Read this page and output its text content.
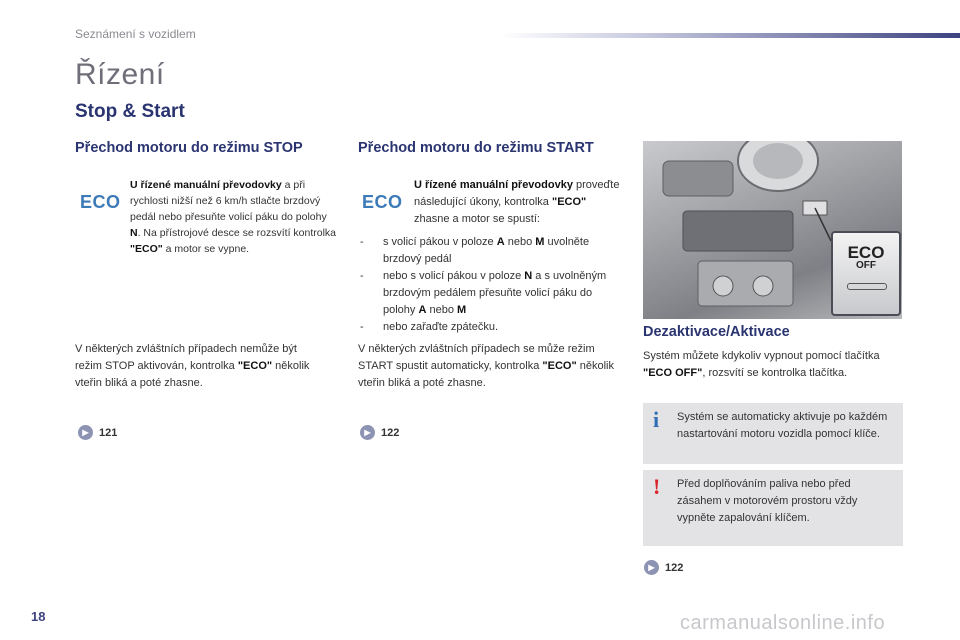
Seznámení s vozidlem
Řízení
Stop & Start
Přechod motoru do režimu STOP
ECO
U řízené manuální převodovky a při rychlosti nižší než 6 km/h stlačte brzdový pedál nebo přesuňte volicí páku do polohy N. Na přístrojové desce se rozsvítí kontrolka "ECO" a motor se vypne.
V některých zvláštních případech nemůže být režim STOP aktivován, kontrolka "ECO" několik vteřin bliká a poté zhasne.
▶ 121
Přechod motoru do režimu START
ECO
U řízené manuální převodovky proveďte následující úkony, kontrolka "ECO" zhasne a motor se spustí:
- s volicí pákou v poloze A nebo M uvolněte brzdový pedál
- nebo s volicí pákou v poloze N a s uvolněným brzdovým pedálem přesuňte volicí páku do polohy A nebo M
- nebo zařaďte zpátečku.
V některých zvláštních případech se může režim START spustit automaticky, kontrolka "ECO" několik vteřin bliká a poté zhasne.
▶ 122
ECO
OFF
Dezaktivace/Aktivace
Systém můžete kdykoliv vypnout pomocí tlačítka "ECO OFF", rozsvítí se kontrolka tlačítka.
i Systém se automaticky aktivuje po každém nastartování motoru vozidla pomocí klíče.
! Před doplňováním paliva nebo před zásahem v motorovém prostoru vždy vypněte zapalování klíčem.
▶ 122
18	carmanualsonline.info
